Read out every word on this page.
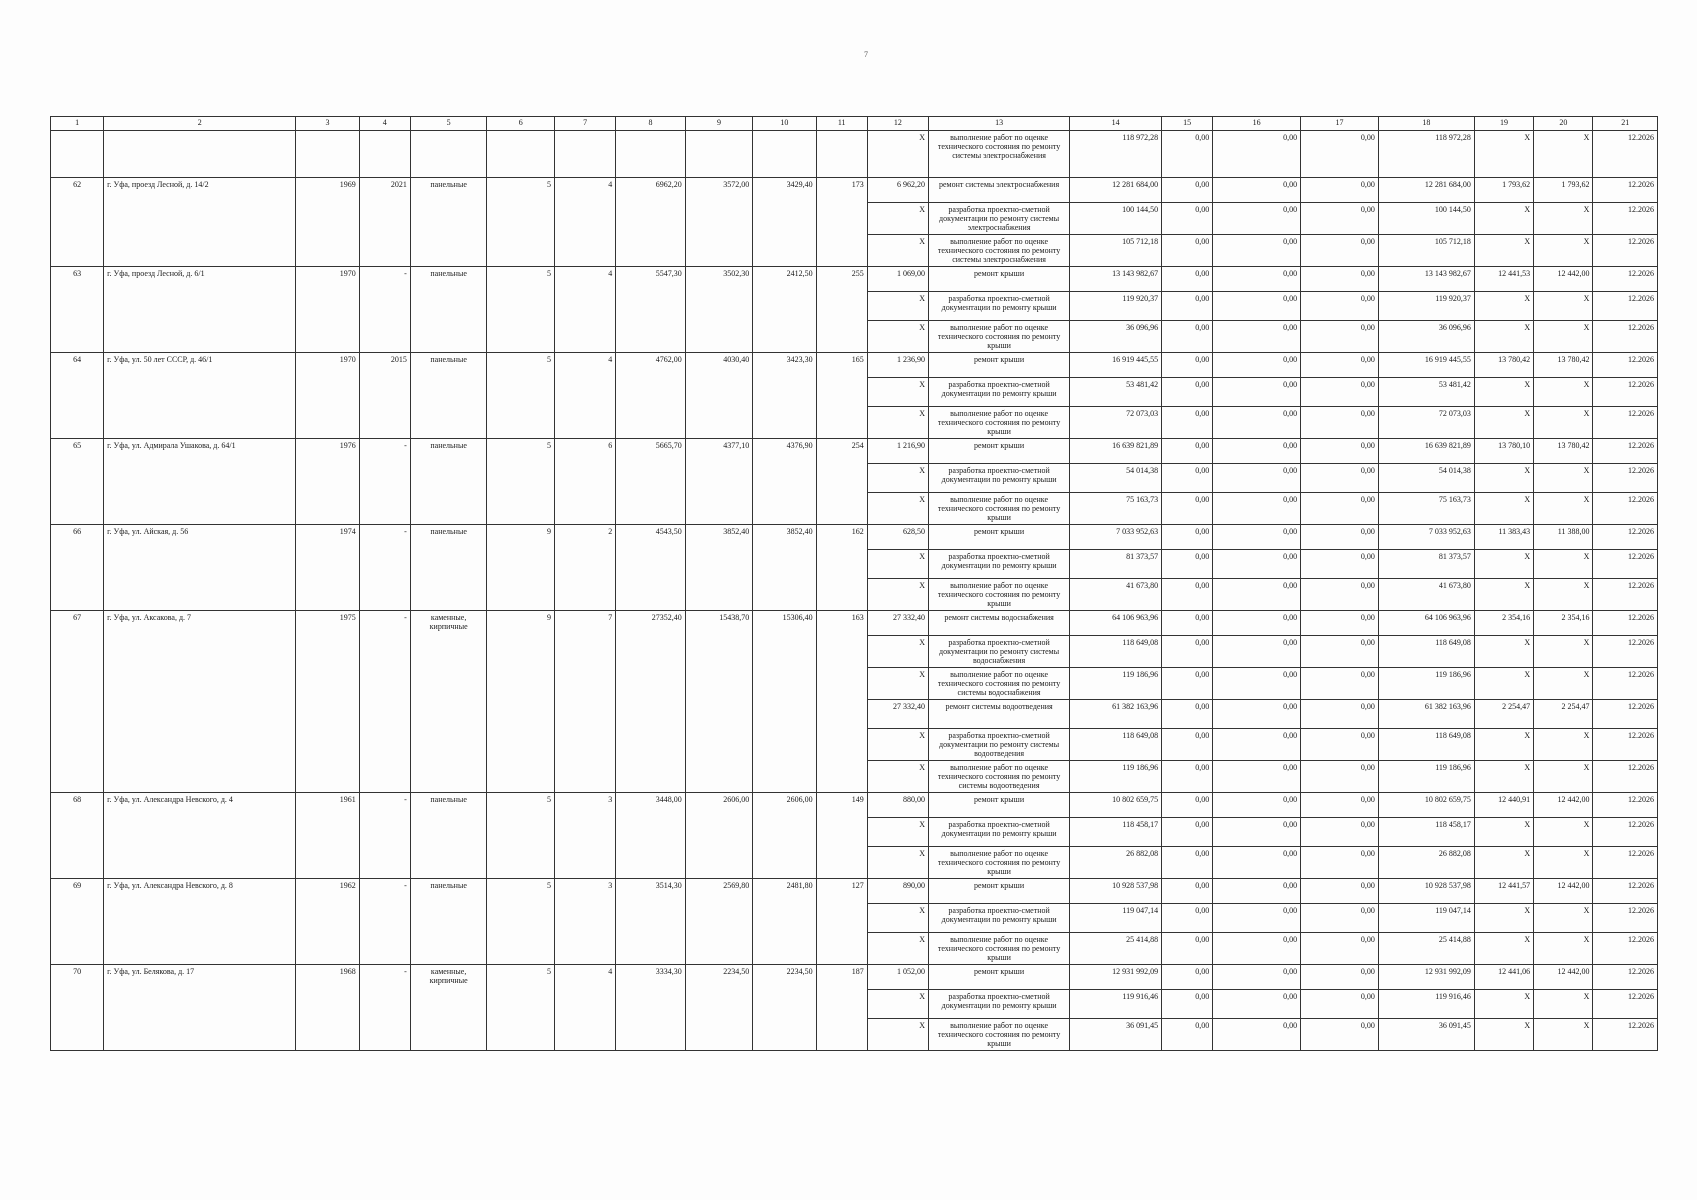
7
1	2	3	4	5	6	7	8	9	10	11	12	13	14	15	16	17	18	19	20	21
											X	выполнение работ по оценке технического состояния по ремонту системы электроснабжения	118 972,28	0,00	0,00	0,00	118 972,28	X	X	12.2026
62	г. Уфа, проезд Лесной, д. 14/2	1969	2021	панельные	5	4	6962,20	3572,00	3429,40	173	6 962,20	ремонт системы электроснабжения	12 281 684,00	0,00	0,00	0,00	12 281 684,00	1 793,62	1 793,62	12.2026
											X	разработка проектно-сметной документации по ремонту системы электроснабжения	100 144,50	0,00	0,00	0,00	100 144,50	X	X	12.2026
											X	выполнение работ по оценке технического состояния по ремонту системы электроснабжения	105 712,18	0,00	0,00	0,00	105 712,18	X	X	12.2026
63	г. Уфа, проезд Лесной, д. 6/1	1970	-	панельные	5	4	5547,30	3502,30	2412,50	255	1 069,00	ремонт крыши	13 143 982,67	0,00	0,00	0,00	13 143 982,67	12 441,53	12 442,00	12.2026
											X	разработка проектно-сметной документации по ремонту крыши	119 920,37	0,00	0,00	0,00	119 920,37	X	X	12.2026
											X	выполнение работ по оценке технического состояния по ремонту крыши	36 096,96	0,00	0,00	0,00	36 096,96	X	X	12.2026
64	г. Уфа, ул. 50 лет СССР, д. 46/1	1970	2015	панельные	5	4	4762,00	4030,40	3423,30	165	1 236,90	ремонт крыши	16 919 445,55	0,00	0,00	0,00	16 919 445,55	13 780,42	13 780,42	12.2026
											X	разработка проектно-сметной документации по ремонту крыши	53 481,42	0,00	0,00	0,00	53 481,42	X	X	12.2026
											X	выполнение работ по оценке технического состояния по ремонту крыши	72 073,03	0,00	0,00	0,00	72 073,03	X	X	12.2026
65	г. Уфа, ул. Адмирала Ушакова, д. 64/1	1976	-	панельные	5	6	5665,70	4377,10	4376,90	254	1 216,90	ремонт крыши	16 639 821,89	0,00	0,00	0,00	16 639 821,89	13 780,10	13 780,42	12.2026
											X	разработка проектно-сметной документации по ремонту крыши	54 014,38	0,00	0,00	0,00	54 014,38	X	X	12.2026
											X	выполнение работ по оценке технического состояния по ремонту крыши	75 163,73	0,00	0,00	0,00	75 163,73	X	X	12.2026
66	г. Уфа, ул. Айская, д. 56	1974	-	панельные	9	2	4543,50	3852,40	3852,40	162	628,50	ремонт крыши	7 033 952,63	0,00	0,00	0,00	7 033 952,63	11 383,43	11 388,00	12.2026
											X	разработка проектно-сметной документации по ремонту крыши	81 373,57	0,00	0,00	0,00	81 373,57	X	X	12.2026
											X	выполнение работ по оценке технического состояния по ремонту крыши	41 673,80	0,00	0,00	0,00	41 673,80	X	X	12.2026
67	г. Уфа, ул. Аксакова, д. 7	1975	-	каменные, кирпичные	9	7	27352,40	15438,70	15306,40	163	27 332,40	ремонт системы водоснабжения	64 106 963,96	0,00	0,00	0,00	64 106 963,96	2 354,16	2 354,16	12.2026
											X	разработка проектно-сметной документации по ремонту системы водоснабжения	118 649,08	0,00	0,00	0,00	118 649,08	X	X	12.2026
											X	выполнение работ по оценке технического состояния по ремонту системы водоснабжения	119 186,96	0,00	0,00	0,00	119 186,96	X	X	12.2026
											27 332,40	ремонт системы водоотведения	61 382 163,96	0,00	0,00	0,00	61 382 163,96	2 254,47	2 254,47	12.2026
											X	разработка проектно-сметной документации по ремонту системы водоотведения	118 649,08	0,00	0,00	0,00	118 649,08	X	X	12.2026
											X	выполнение работ по оценке технического состояния по ремонту системы водоотведения	119 186,96	0,00	0,00	0,00	119 186,96	X	X	12.2026
68	г. Уфа, ул. Александра Невского, д. 4	1961	-	панельные	5	3	3448,00	2606,00	2606,00	149	880,00	ремонт крыши	10 802 659,75	0,00	0,00	0,00	10 802 659,75	12 440,91	12 442,00	12.2026
											X	разработка проектно-сметной документации по ремонту крыши	118 458,17	0,00	0,00	0,00	118 458,17	X	X	12.2026
											X	выполнение работ по оценке технического состояния по ремонту крыши	26 882,08	0,00	0,00	0,00	26 882,08	X	X	12.2026
69	г. Уфа, ул. Александра Невского, д. 8	1962	-	панельные	5	3	3514,30	2569,80	2481,80	127	890,00	ремонт крыши	10 928 537,98	0,00	0,00	0,00	10 928 537,98	12 441,57	12 442,00	12.2026
											X	разработка проектно-сметной документации по ремонту крыши	119 047,14	0,00	0,00	0,00	119 047,14	X	X	12.2026
											X	выполнение работ по оценке технического состояния по ремонту крыши	25 414,88	0,00	0,00	0,00	25 414,88	X	X	12.2026
70	г. Уфа, ул. Белякова, д. 17	1968	-	каменные, кирпичные	5	4	3334,30	2234,50	2234,50	187	1 052,00	ремонт крыши	12 931 992,09	0,00	0,00	0,00	12 931 992,09	12 441,06	12 442,00	12.2026
											X	разработка проектно-сметной документации по ремонту крыши	119 916,46	0,00	0,00	0,00	119 916,46	X	X	12.2026
											X	выполнение работ по оценке технического состояния по ремонту крыши	36 091,45	0,00	0,00	0,00	36 091,45	X	X	12.2026
